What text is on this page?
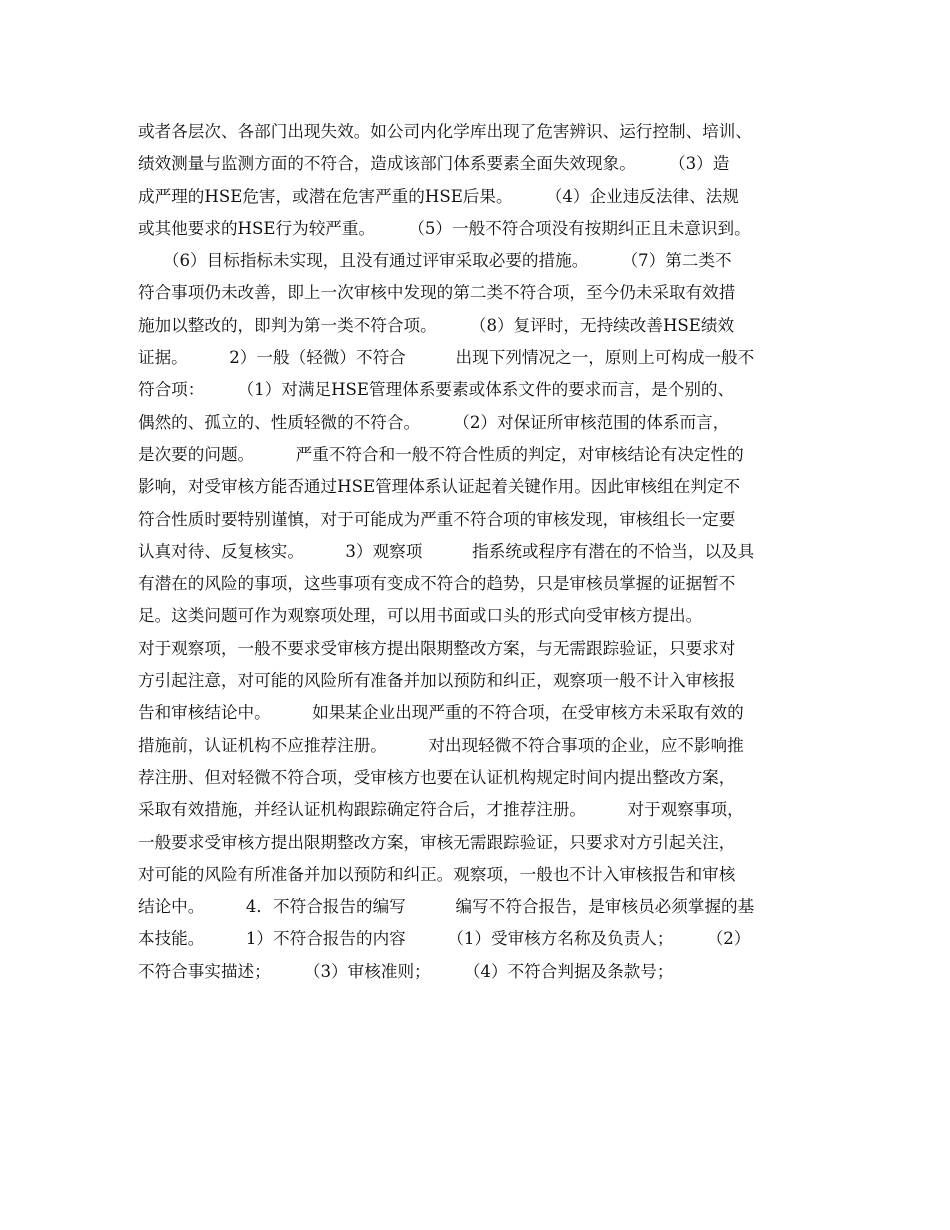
或者各层次、各部门出现失效。如公司内化学库出现了危害辨识、运行控制、培训、
绩效测量与监测方面的不符合，造成该部门体系要素全面失效现象。　　　（3）造
成严理的HSE危害，或潜在危害严重的HSE后果。　　　（4）企业违反法律、法规
或其他要求的HSE行为较严重。　　　（5）一般不符合项没有按期纠正且未意识到。
　　（6）目标指标未实现，且没有通过评审采取必要的措施。　　　（7）第二类不
符合事项仍未改善，即上一次审核中发现的第二类不符合项，至今仍未采取有效措
施加以整改的，即判为第一类不符合项。　　　（8）复评时，无持续改善HSE绩效
证据。　　　2）一般（轻微）不符合　　　出现下列情况之一，原则上可构成一般不
符合项：　　　（1）对满足HSE管理体系要素或体系文件的要求而言，是个别的、
偶然的、孤立的、性质轻微的不符合。　　　（2）对保证所审核范围的体系而言，
是次要的问题。　　　严重不符合和一般不符合性质的判定，对审核结论有决定性的
影响，对受审核方能否通过HSE管理体系认证起着关键作用。因此审核组在判定不
符合性质时要特别谨慎，对于可能成为严重不符合项的审核发现，审核组长一定要
认真对待、反复核实。　　　3）观察项　　　指系统或程序有潜在的不恰当，以及具
有潜在的风险的事项，这些事项有变成不符合的趋势，只是审核员掌握的证据暂不
足。这类问题可作为观察项处理，可以用书面或口头的形式向受审核方提出。
对于观察项，一般不要求受审核方提出限期整改方案，与无需跟踪验证，只要求对
方引起注意，对可能的风险所有准备并加以预防和纠正，观察项一般不计入审核报
告和审核结论中。　　　如果某企业出现严重的不符合项，在受审核方未采取有效的
措施前，认证机构不应推荐注册。　　　对出现轻微不符合事项的企业，应不影响推
荐注册、但对轻微不符合项，受审核方也要在认证机构规定时间内提出整改方案，
采取有效措施，并经认证机构跟踪确定符合后，才推荐注册。　　　对于观察事项，
一般要求受审核方提出限期整改方案，审核无需跟踪验证，只要求对方引起关注，
对可能的风险有所准备并加以预防和纠正。观察项，一般也不计入审核报告和审核
结论中。　　　4．不符合报告的编写　　　编写不符合报告，是审核员必须掌握的基
本技能。　　　1）不符合报告的内容　　　（1）受审核方名称及负责人；　　　（2）
不符合事实描述；　　　（3）审核准则；　　　（4）不符合判据及条款号；
